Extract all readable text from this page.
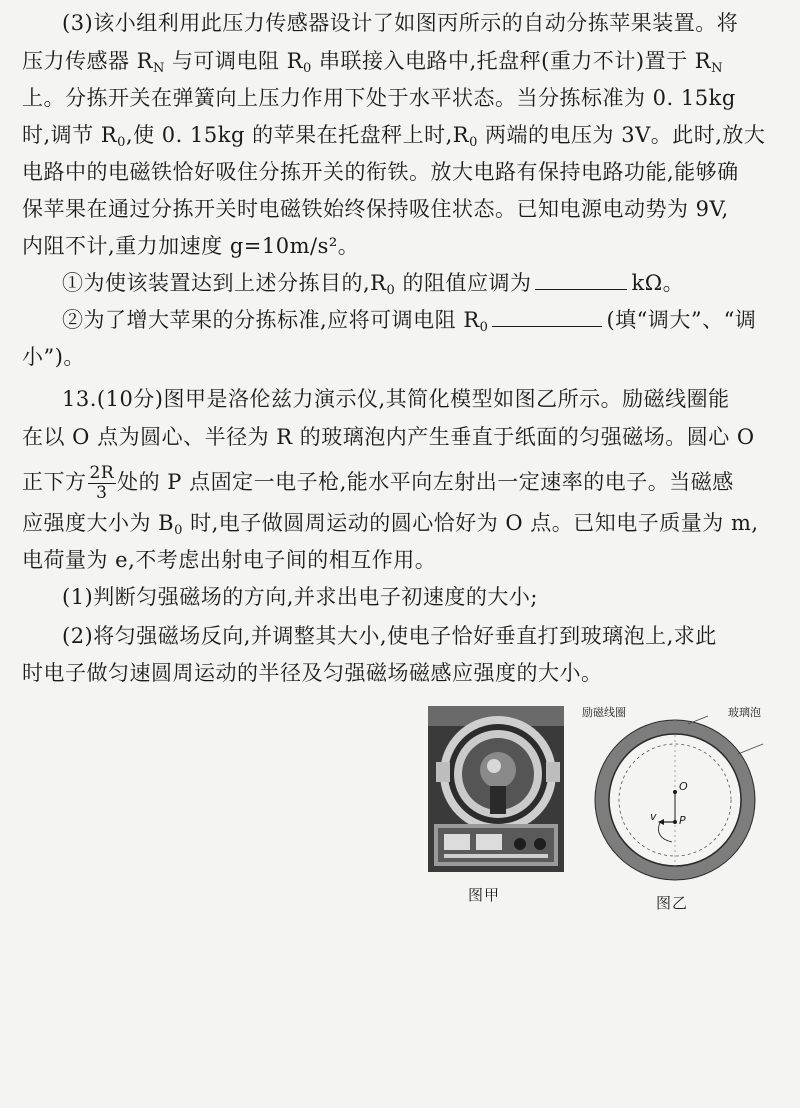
(3)该小组利用此压力传感器设计了如图丙所示的自动分拣苹果装置。将
压力传感器 $R_N$ 与可调电阻 $R_0$ 串联接入电路中,托盘秤(重力不计)置于 $R_N$
上。分拣开关在弹簧向上压力作用下处于水平状态。当分拣标准为 0. 15kg
时,调节 $R_0$,使 0. 15kg 的苹果在托盘秤上时$,R_0$ 两端的电压为 3V。此时,放大
电路中的电磁铁恰好吸住分拣开关的衔铁。放大电路有保持电路功能,能够确
保苹果在通过分拣开关时电磁铁始终保持吸住状态。已知电源电动势为 9V,
内阻不计,重力加速度 g=10m/s²。
①为使该装置达到上述分拣目的$,R_0$ 的阻值应调为	kΩ。
②为了增大苹果的分拣标准,应将可调电阻 $R_0$	(填“调大”、“调
小”)。
13.(10分)图甲是洛伦兹力演示仪,其简化模型如图乙所示。励磁线圈能
在以 O 点为圆心、半径为 R 的玻璃泡内产生垂直于纸面的匀强磁场。圆心 O
正下方 $\frac{2R}{3}$ 处的 P 点固定一电子枪,能水平向左射出一定速率的电子。当磁感
应强度大小为 $B_0$ 时,电子做圆周运动的圆心恰好为 O 点。已知电子质量为 m,
电荷量为 e,不考虑出射电子间的相互作用。
(1)判断匀强磁场的方向,并求出电子初速度的大小;
(2)将匀强磁场反向,并调整其大小,使电子恰好垂直打到玻璃泡上,求此
时电子做匀速圆周运动的半径及匀强磁场磁感应强度的大小。
图甲
励磁线圈	玻璃泡
O
P
v
图乙
